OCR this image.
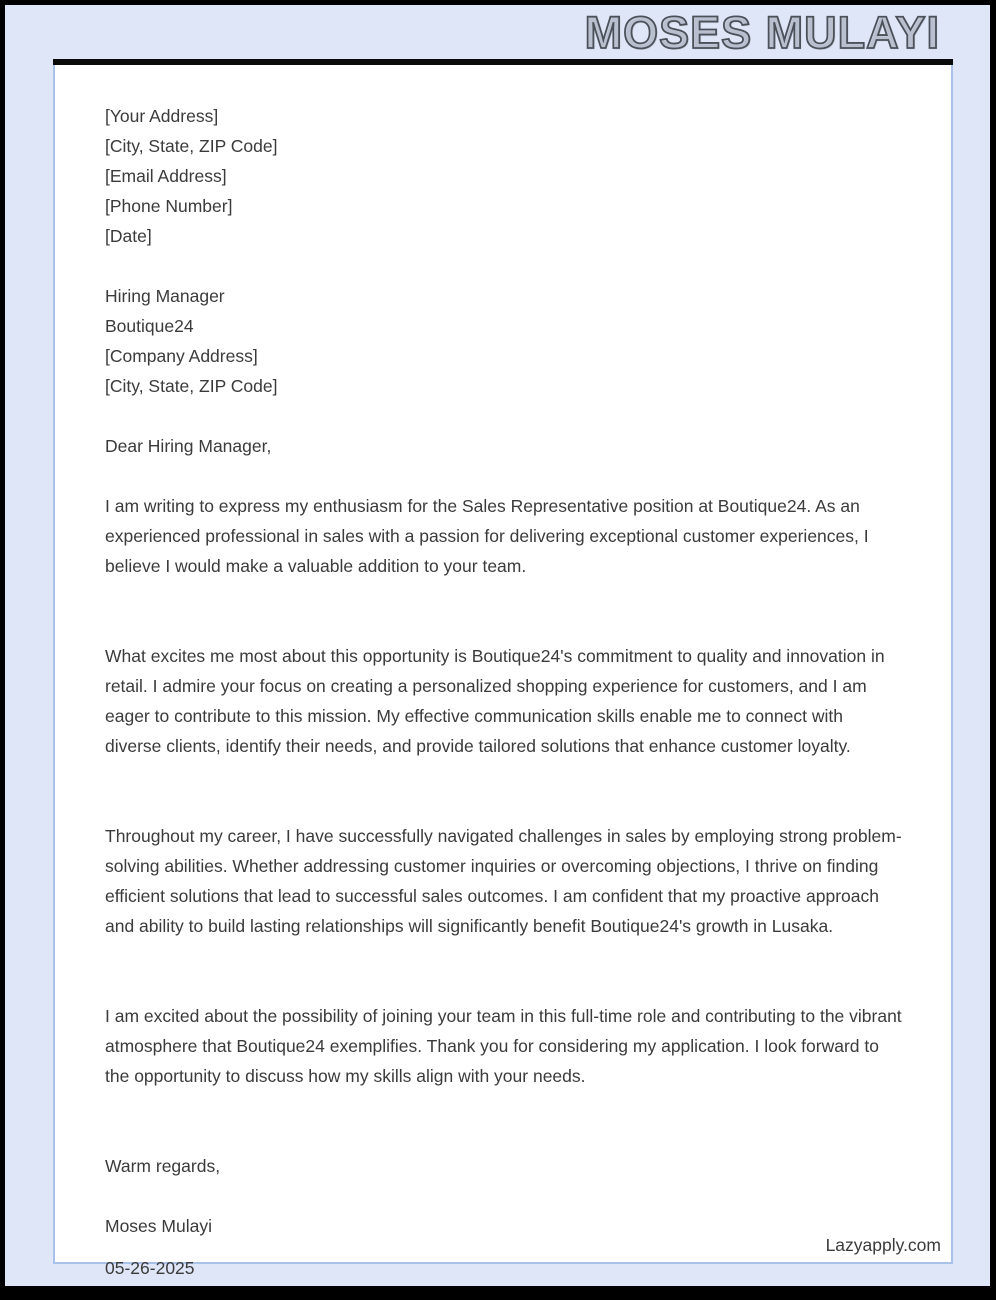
MOSES MULAYI
[Your Address]
[City, State, ZIP Code]
[Email Address]
[Phone Number]
[Date]
Hiring Manager
Boutique24
[Company Address]
[City, State, ZIP Code]

Dear Hiring Manager,

I am writing to express my enthusiasm for the Sales Representative position at Boutique24. As an experienced professional in sales with a passion for delivering exceptional customer experiences, I believe I would make a valuable addition to your team.

What excites me most about this opportunity is Boutique24's commitment to quality and innovation in retail. I admire your focus on creating a personalized shopping experience for customers, and I am eager to contribute to this mission. My effective communication skills enable me to connect with diverse clients, identify their needs, and provide tailored solutions that enhance customer loyalty.

Throughout my career, I have successfully navigated challenges in sales by employing strong problem-solving abilities. Whether addressing customer inquiries or overcoming objections, I thrive on finding efficient solutions that lead to successful sales outcomes. I am confident that my proactive approach and ability to build lasting relationships will significantly benefit Boutique24's growth in Lusaka.

I am excited about the possibility of joining your team in this full-time role and contributing to the vibrant atmosphere that Boutique24 exemplifies. Thank you for considering my application. I look forward to the opportunity to discuss how my skills align with your needs.

Warm regards,

Moses Mulayi

05-26-2025

Lazyapply.com
